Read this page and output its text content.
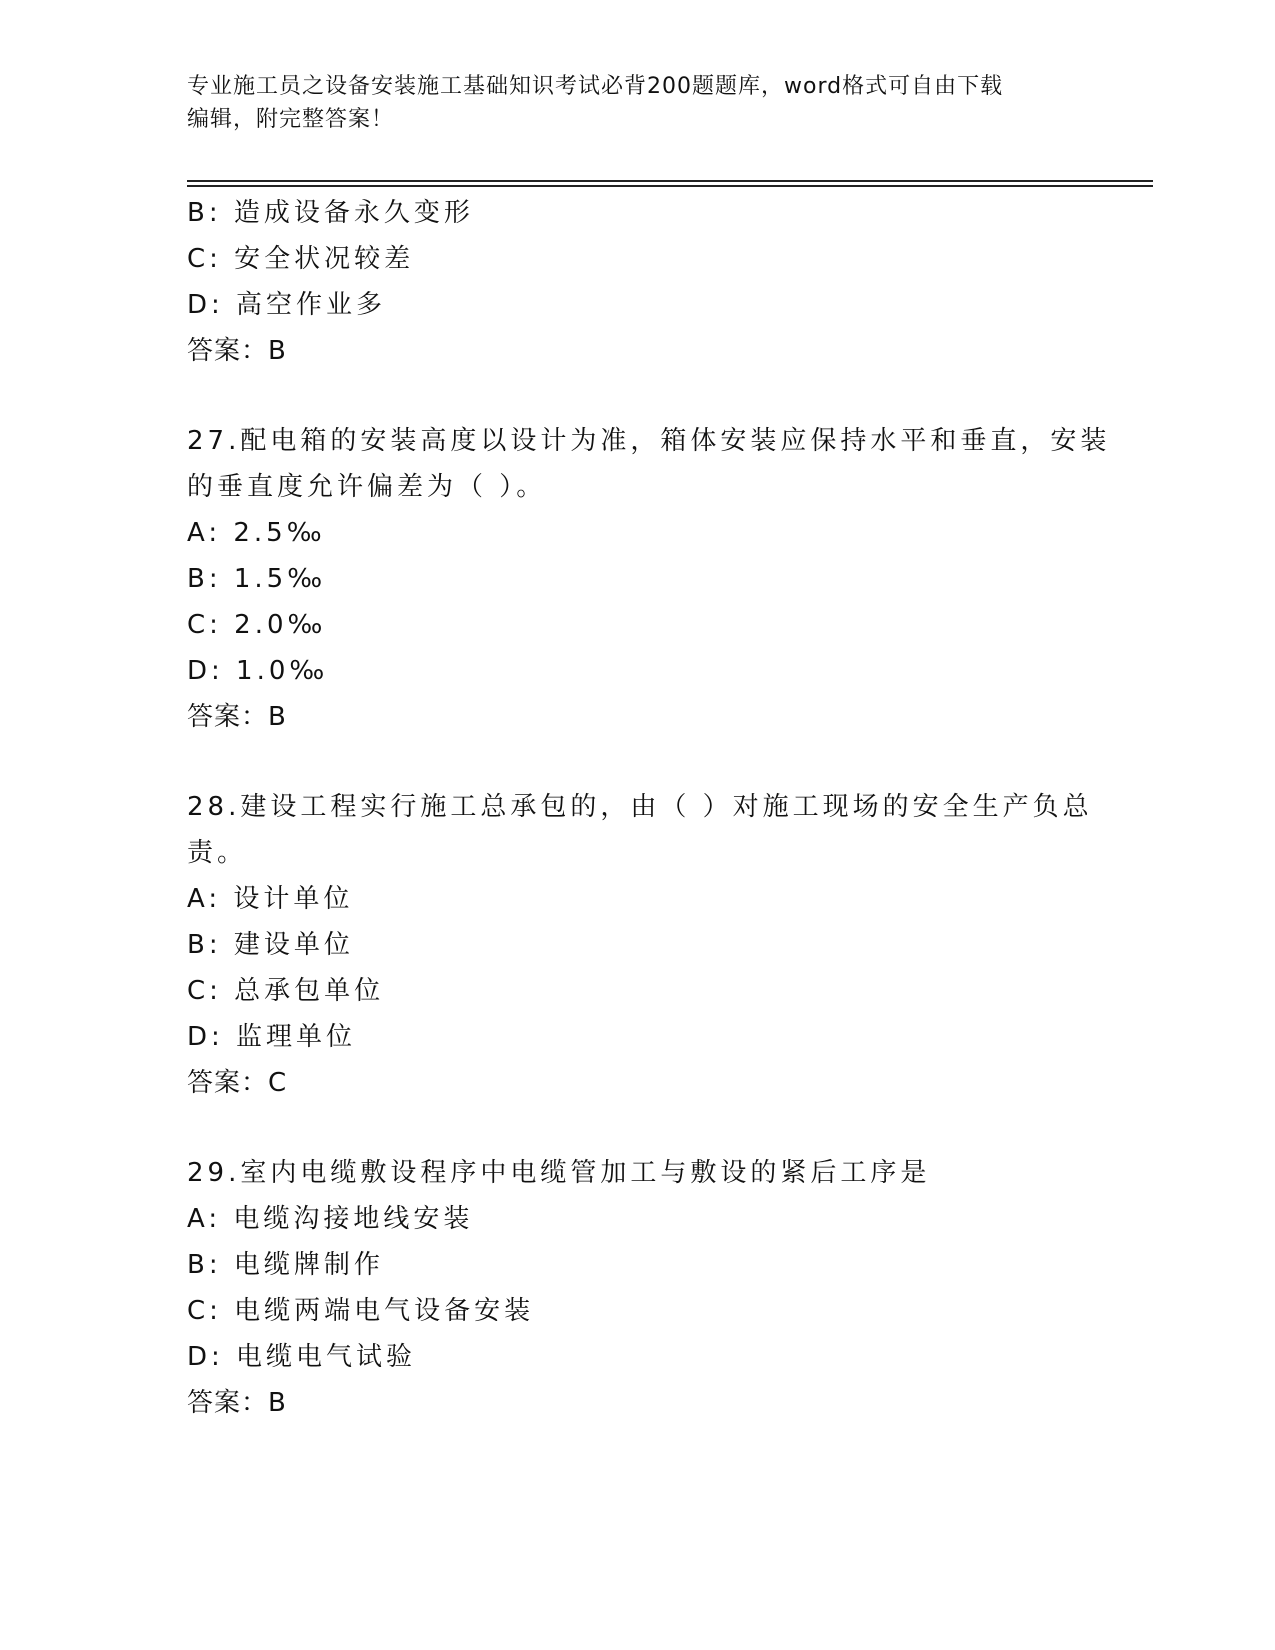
专业施工员之设备安装施工基础知识考试必背200题题库，word格式可自由下载
编辑，附完整答案！
B: 造成设备永久变形
C: 安全状况较差
D: 高空作业多
答案：B
27.配电箱的安装高度以设计为准，箱体安装应保持水平和垂直，安装
的垂直度允许偏差为（ ）。
A: 2.5‰
B: 1.5‰
C: 2.0‰
D: 1.0‰
答案：B
28.建设工程实行施工总承包的，由（ ）对施工现场的安全生产负总
责。
A: 设计单位
B: 建设单位
C: 总承包单位
D: 监理单位
答案：C
29.室内电缆敷设程序中电缆管加工与敷设的紧后工序是
A: 电缆沟接地线安装
B: 电缆牌制作
C: 电缆两端电气设备安装
D: 电缆电气试验
答案：B
